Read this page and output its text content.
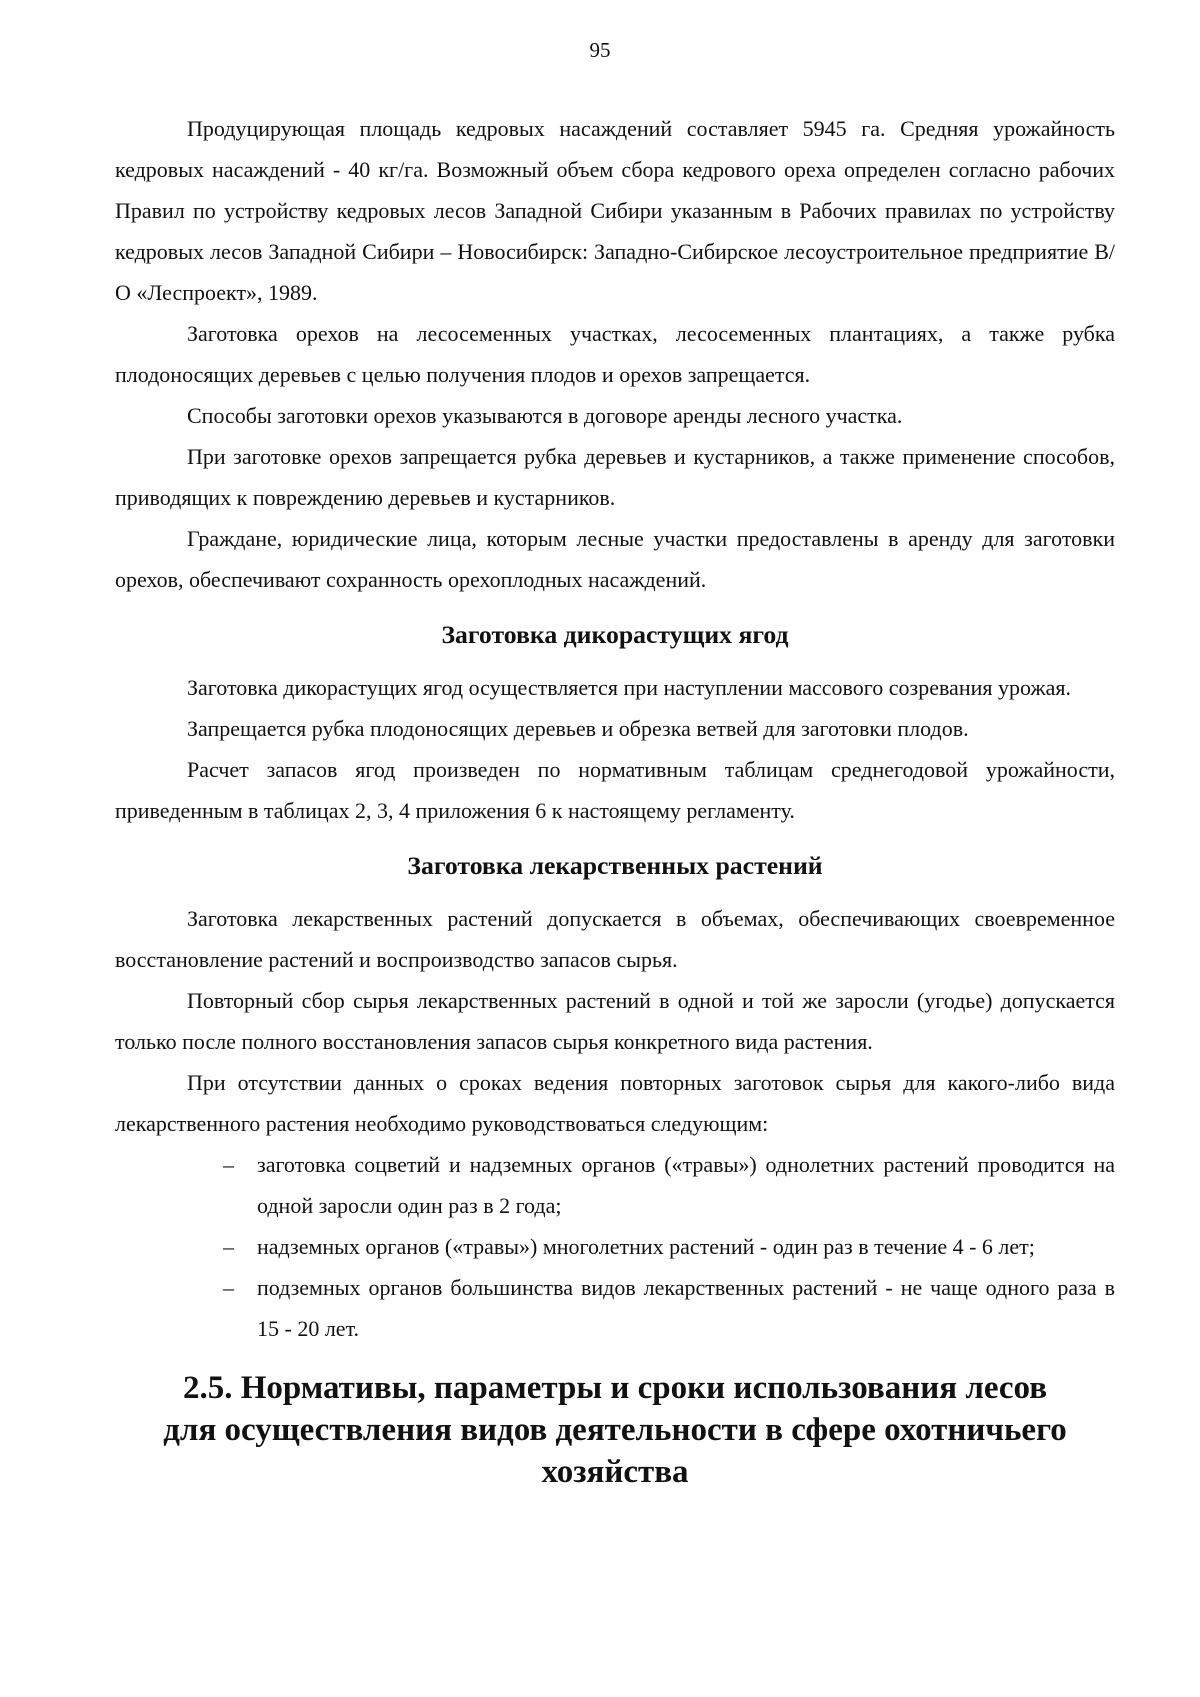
95

Продуцирующая площадь кедровых насаждений составляет 5945 га. Средняя урожайность кедровых насаждений - 40 кг/га. Возможный объем сбора кедрового ореха определен согласно рабочих Правил по устройству кедровых лесов Западной Сибири указанным в Рабочих правилах по устройству кедровых лесов Западной Сибири – Новосибирск: Западно-Сибирское лесоустроительное предприятие В/О «Леспроект», 1989.

Заготовка орехов на лесосеменных участках, лесосеменных плантациях, а также рубка плодоносящих деревьев с целью получения плодов и орехов запрещается.

Способы заготовки орехов указываются в договоре аренды лесного участка.

При заготовке орехов запрещается рубка деревьев и кустарников, а также применение способов, приводящих к повреждению деревьев и кустарников.

Граждане, юридические лица, которым лесные участки предоставлены в аренду для заготовки орехов, обеспечивают сохранность орехоплодных насаждений.

Заготовка дикорастущих ягод

Заготовка дикорастущих ягод осуществляется при наступлении массового созревания урожая.

Запрещается рубка плодоносящих деревьев и обрезка ветвей для заготовки плодов.

Расчет запасов ягод произведен по нормативным таблицам среднегодовой урожайности, приведенным в таблицах 2, 3, 4 приложения 6 к настоящему регламенту.

Заготовка лекарственных растений

Заготовка лекарственных растений допускается в объемах, обеспечивающих своевременное восстановление растений и воспроизводство запасов сырья.

Повторный сбор сырья лекарственных растений в одной и той же заросли (угодье) допускается только после полного восстановления запасов сырья конкретного вида растения.

При отсутствии данных о сроках ведения повторных заготовок сырья для какого-либо вида лекарственного растения необходимо руководствоваться следующим:

– заготовка соцветий и надземных органов («травы») однолетних растений проводится на одной заросли один раз в 2 года;
– надземных органов («травы») многолетних растений - один раз в течение 4 - 6 лет;
– подземных органов большинства видов лекарственных растений - не чаще одного раза в 15 - 20 лет.
2.5. Нормативы, параметры и сроки использования лесов для осуществления видов деятельности в сфере охотничьего хозяйства
